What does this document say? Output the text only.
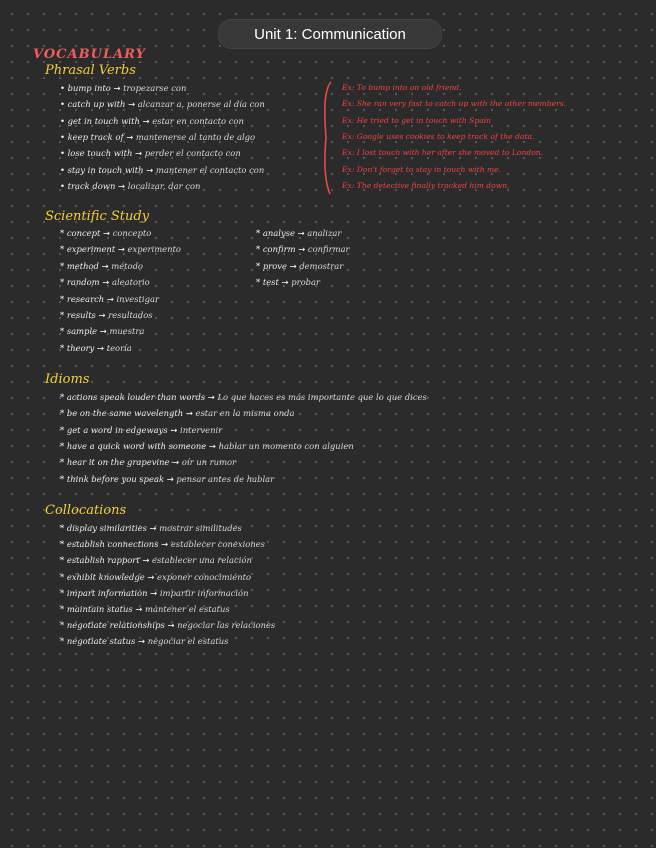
Unit 1: Communication
VOCABULARY
Phrasal Verbs
• bump into → tropezarse con
• catch up with → alcanzar a, ponerse al día con
• get in touch with → estar en contacto con
• keep track of → mantenerse al tanto de algo
• lose touch with → perder el contacto con
• stay in touch with → mantener el contacto con
• track down → localizar, dar con
Ex: To bump into an old friend.
Ex: She ran very fast to catch up with the other members.
Ex: He tried to get in touch with Spain
Ex: Google uses cookies to keep track of the data.
Ex: I lost touch with her after she moved to London.
Ex: Don't forget to stay in touch with me.
Ex: The detective finally tracked him down.
Scientific Study
* concept → concepto
* experiment → experimento
* method → método
* random → aleatorio
* research → investigar
* results → resultados
* sample → muestra
* theory → teoría
* analyse → analizar
* confirm → confirmar
* prove → demostrar
* test → probar
Idioms
* actions speak louder than words → Lo que haces es más importante que lo que dices
* be on the same wavelength → estar en la misma onda
* get a word in edgeways → intervenir
* have a quick word with someone → hablar un momento con alguien
* hear it on the grapevine → oír un rumor
* think before you speak → pensar antes de hablar
Collocations
* display similarities → mostrar similitudes
* establish connections → establecer conexiones
* establish rapport → establecer una relación
* exhibit knowledge → exponer conocimiento
* impart information → impartir información
* maintain status → mantener el estatus
* negotiate relationships → negociar las relaciones
* negotiate status → negociar el estatus
